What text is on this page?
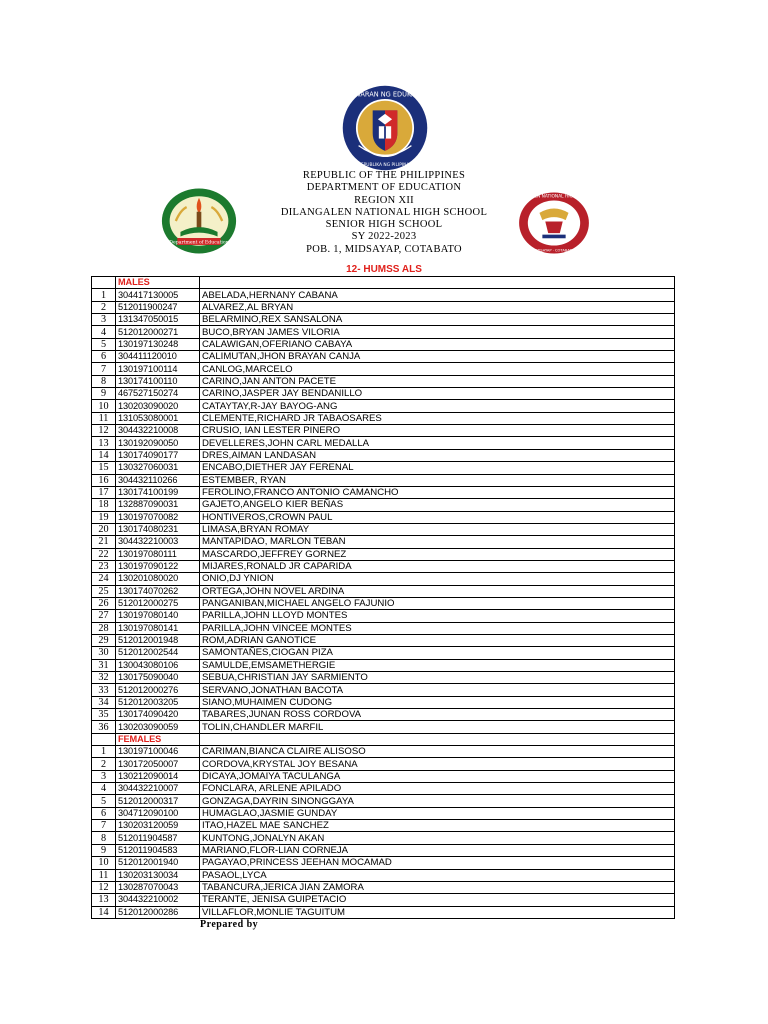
KAGAWARAN NG EDUKASYON
REPUBLIKA NG PILIPINAS
Department of Education
DILANGALEN NATIONAL HIGH SCHOOL
MIDSAYAP · COTABATO
REPUBLIC OF THE PHILIPPINES
DEPARTMENT OF EDUCATION
REGION XII
DILANGALEN NATIONAL HIGH SCHOOL
SENIOR HIGH SCHOOL
SY 2022-2023
POB. 1, MIDSAYAP, COTABATO
12- HUMSS ALS
	MALES	
1	304417130005	ABELADA,HERNANY CABANA
2	512011900247	ALVAREZ,AL BRYAN
3	131347050015	BELARMINO,REX SANSALONA
4	512012000271	BUCO,BRYAN JAMES VILORIA
5	130197130248	CALAWIGAN,OFERIANO CABAYA
6	304411120010	CALIMUTAN,JHON BRAYAN CANJA
7	130197100114	CANLOG,MARCELO
8	130174100110	CARINO,JAN ANTON PACETE
9	467527150274	CARINO,JASPER JAY BENDANILLO
10	130203090020	CATAYTAY,R-JAY BAYOG-ANG
11	131053080001	CLEMENTE,RICHARD JR TABAOSARES
12	304432210008	CRUSIO, IAN LESTER PINERO
13	130192090050	DEVELLERES,JOHN CARL MEDALLA
14	130174090177	DRES,AIMAN LANDASAN
15	130327060031	ENCABO,DIETHER JAY FERENAL
16	304432110266	ESTEMBER, RYAN
17	130174100199	FEROLINO,FRANCO ANTONIO CAMANCHO
18	132887090031	GAJETO,ANGELO KIER BEÑAS
19	130197070082	HONTIVEROS,CROWN PAUL
20	130174080231	LIMASA,BRYAN ROMAY
21	304432210003	MANTAPIDAO, MARLON TEBAN
22	130197080111	MASCARDO,JEFFREY GORNEZ
23	130197090122	MIJARES,RONALD JR CAPARIDA
24	130201080020	ONIO,DJ YNION
25	130174070262	ORTEGA,JOHN NOVEL ARDINA
26	512012000275	PANGANIBAN,MICHAEL ANGELO FAJUNIO
27	130197080140	PARILLA,JOHN LLOYD MONTES
28	130197080141	PARILLA,JOHN VINCEE MONTES
29	512012001948	ROM,ADRIAN GANOTICE
30	512012002544	SAMONTAÑES,CIOGAN PIZA
31	130043080106	SAMULDE,EMSAMETHERGIE
32	130175090040	SEBUA,CHRISTIAN JAY SARMIENTO
33	512012000276	SERVANO,JONATHAN BACOTA
34	512012003205	SIANO,MUHAIMEN CUDONG
35	130174090420	TABARES,JUNAN ROSS CORDOVA
36	130203090059	TOLIN,CHANDLER MARFIL
	FEMALES	
1	130197100046	CARIMAN,BIANCA CLAIRE ALISOSO
2	130172050007	CORDOVA,KRYSTAL JOY BESANA
3	130212090014	DICAYA,JOMAIYA TACULANGA
4	304432210007	FONCLARA, ARLENE APILADO
5	512012000317	GONZAGA,DAYRIN SINONGGAYA
6	304712090100	HUMAGLAO,JASMIE GUNDAY
7	130203120059	ITAO,HAZEL MAE SANCHEZ
8	512011904587	KUNTONG,JONALYN AKAN
9	512011904583	MARIANO,FLOR-LIAN CORNEJA
10	512012001940	PAGAYAO,PRINCESS JEEHAN MOCAMAD
11	130203130034	PASAOL,LYCA
12	130287070043	TABANCURA,JERICA JIAN ZAMORA
13	304432210002	TERANTE, JENISA GUIPETACIO
14	512012000286	VILLAFLOR,MONLIE TAGUITUM
Prepared by
